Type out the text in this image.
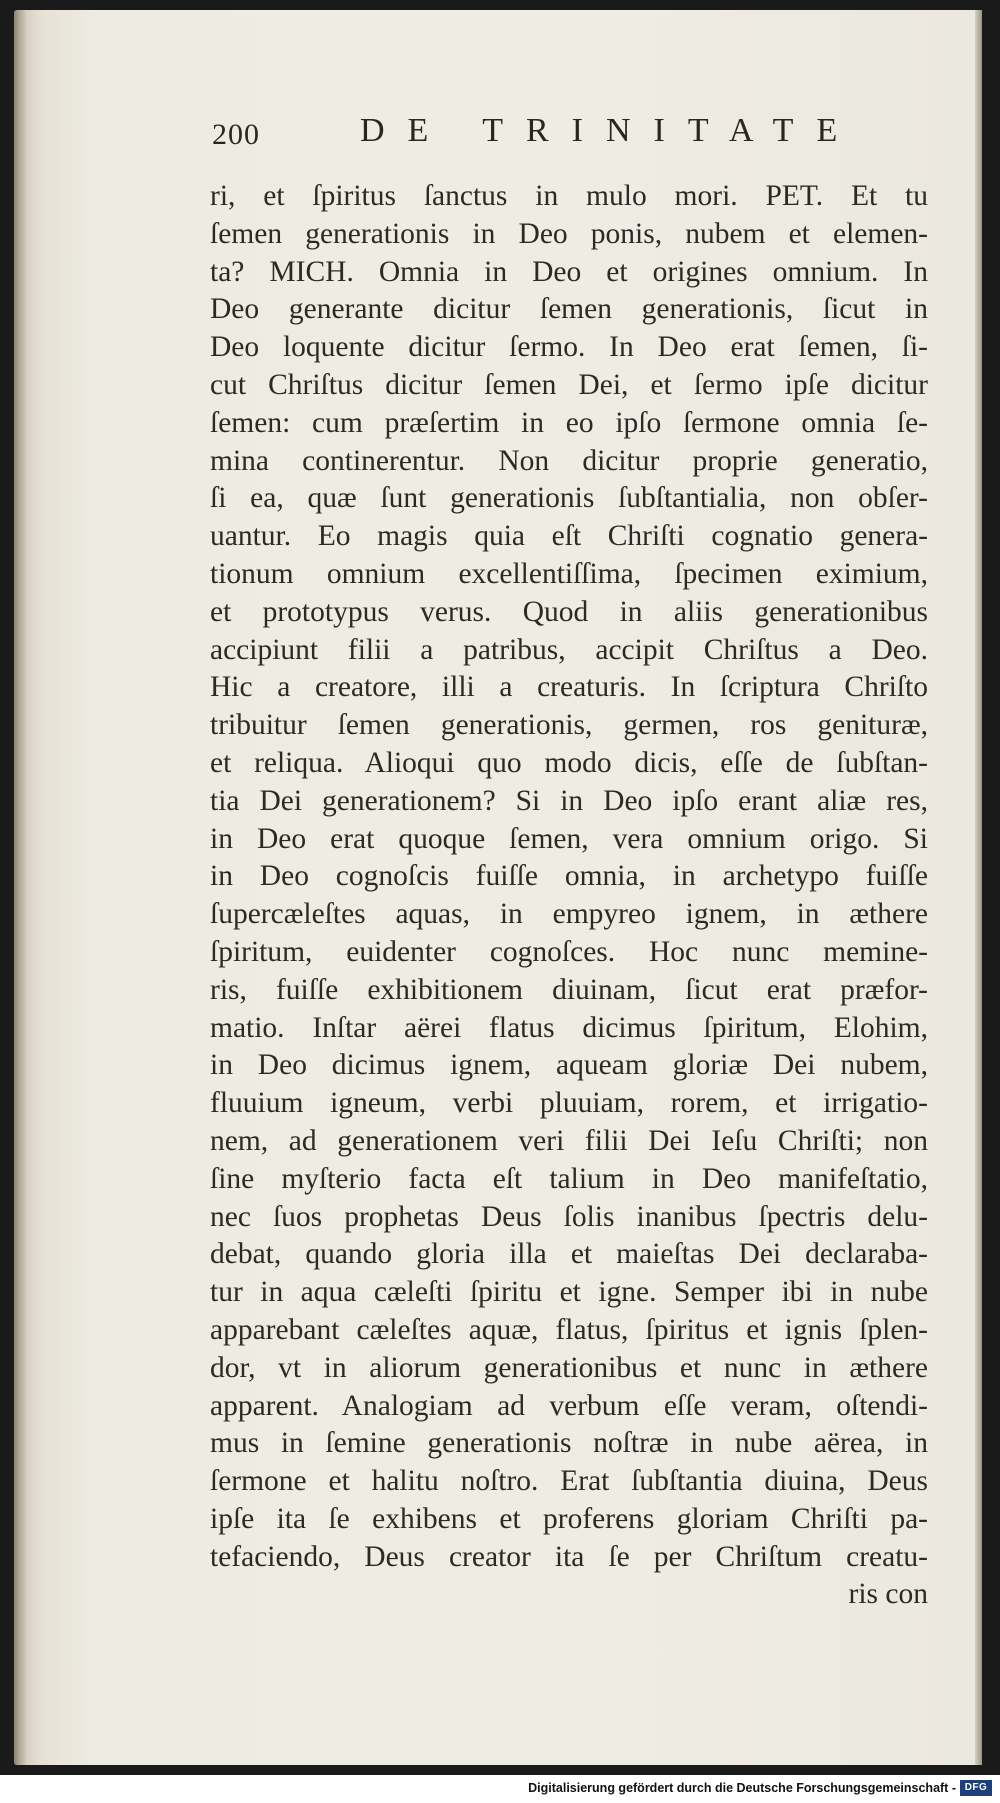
200	DE TRINITATE
ri, et ſpiritus ſanctus in mulo mori. PET. Et tu
ſemen generationis in Deo ponis, nubem et elemen-
ta? MICH. Omnia in Deo et origines omnium. In
Deo generante dicitur ſemen generationis, ſicut in
Deo loquente dicitur ſermo. In Deo erat ſemen, ſi-
cut Chriſtus dicitur ſemen Dei, et ſermo ipſe dicitur
ſemen: cum præſertim in eo ipſo ſermone omnia ſe-
mina continerentur. Non dicitur proprie generatio,
ſi ea, quæ ſunt generationis ſubſtantialia, non obſer-
uantur. Eo magis quia eſt Chriſti cognatio genera-
tionum omnium excellentiſſima, ſpecimen eximium,
et prototypus verus. Quod in aliis generationibus
accipiunt filii a patribus, accipit Chriſtus a Deo.
Hic a creatore, illi a creaturis. In ſcriptura Chriſto
tribuitur ſemen generationis, germen, ros genituræ,
et reliqua. Alioqui quo modo dicis, eſſe de ſubſtan-
tia Dei generationem? Si in Deo ipſo erant aliæ res,
in Deo erat quoque ſemen, vera omnium origo. Si
in Deo cognoſcis fuiſſe omnia, in archetypo fuiſſe
ſupercæleſtes aquas, in empyreo ignem, in æthere
ſpiritum, euidenter cognoſces. Hoc nunc memine-
ris, fuiſſe exhibitionem diuinam, ſicut erat præfor-
matio. Inſtar aërei flatus dicimus ſpiritum, Elohim,
in Deo dicimus ignem, aqueam gloriæ Dei nubem,
fluuium igneum, verbi pluuiam, rorem, et irrigatio-
nem, ad generationem veri filii Dei Ieſu Chriſti; non
ſine myſterio facta eſt talium in Deo manifeſtatio,
nec ſuos prophetas Deus ſolis inanibus ſpectris delu-
debat, quando gloria illa et maieſtas Dei declaraba-
tur in aqua cæleſti ſpiritu et igne. Semper ibi in nube
apparebant cæleſtes aquæ, flatus, ſpiritus et ignis ſplen-
dor, vt in aliorum generationibus et nunc in æthere
apparent. Analogiam ad verbum eſſe veram, oſtendi-
mus in ſemine generationis noſtræ in nube aërea, in
ſermone et halitu noſtro. Erat ſubſtantia diuina, Deus
ipſe ita ſe exhibens et proferens gloriam Chriſti pa-
tefaciendo, Deus creator ita ſe per Chriſtum creatu-
ris con
Digitalisierung gefördert durch die Deutsche Forschungsgemeinschaft - DFG
